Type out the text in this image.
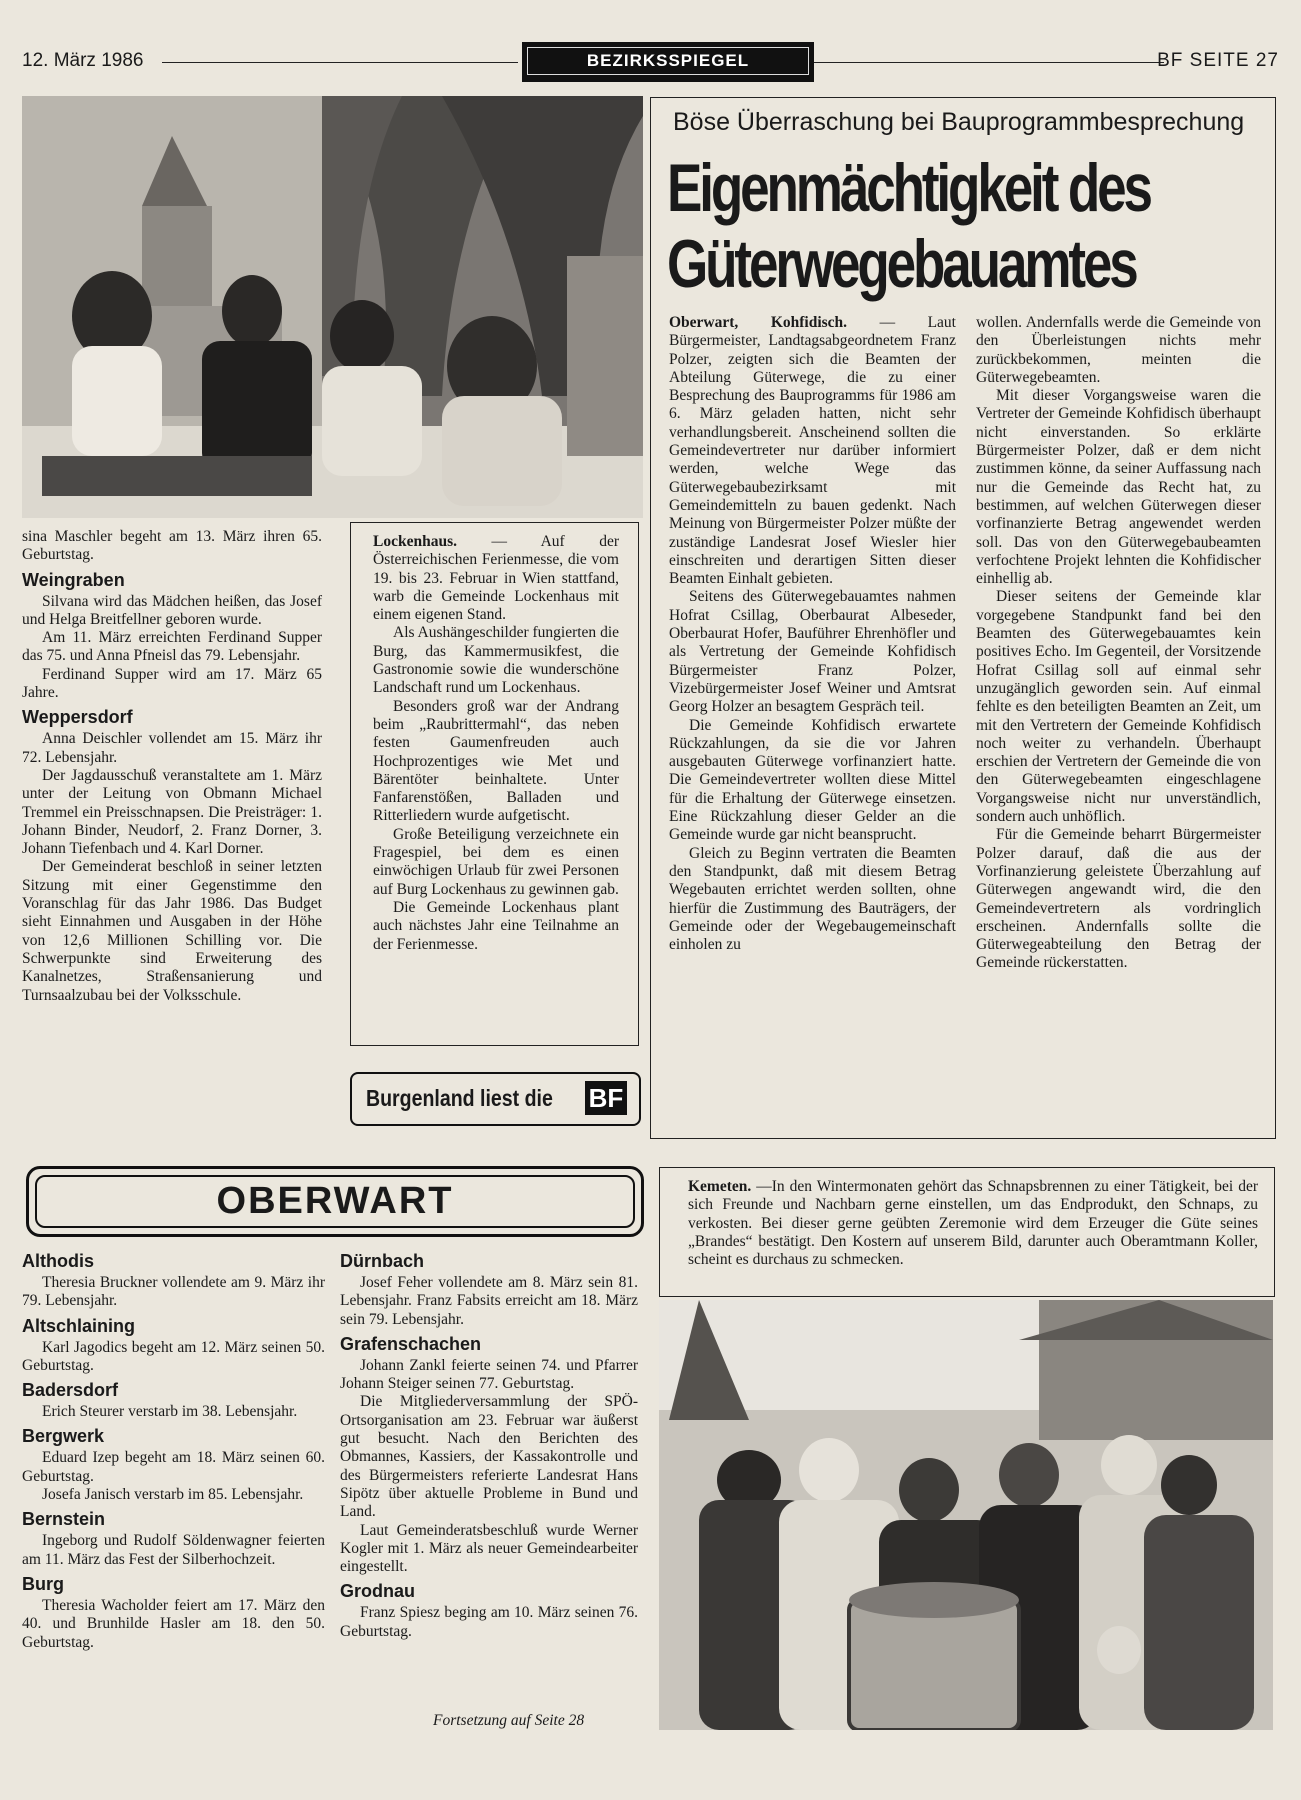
12. März 1986	BEZIRKSSPIEGEL	BF SEITE 27

sina Maschler begeht am 13. März ihren 65. Geburtstag.

Weingraben

Silvana wird das Mädchen heißen, das Josef und Helga Breitfellner geboren wurde.

Am 11. März erreichten Ferdinand Supper das 75. und Anna Pfneisl das 79. Lebensjahr.

Ferdinand Supper wird am 17. März 65 Jahre.

Weppersdorf

Anna Deischler vollendet am 15. März ihr 72. Lebensjahr.

Der Jagdausschuß veranstaltete am 1. März unter der Leitung von Obmann Michael Tremmel ein Preisschnapsen. Die Preisträger: 1. Johann Binder, Neudorf, 2. Franz Dorner, 3. Johann Tiefenbach und 4. Karl Dorner.

Der Gemeinderat beschloß in seiner letzten Sitzung mit einer Gegenstimme den Voranschlag für das Jahr 1986. Das Budget sieht Einnahmen und Ausgaben in der Höhe von 12,6 Millionen Schilling vor. Die Schwerpunkte sind Erweiterung des Kanalnetzes, Straßensanierung und Turnsaalzubau bei der Volksschule.

Lockenhaus. — Auf der Österreichischen Ferienmesse, die vom 19. bis 23. Februar in Wien stattfand, warb die Gemeinde Lockenhaus mit einem eigenen Stand.

Als Aushängeschilder fungierten die Burg, das Kammermusikfest, die Gastronomie sowie die wunderschöne Landschaft rund um Lockenhaus.

Besonders groß war der Andrang beim „Raubrittermahl“, das neben festen Gaumenfreuden auch Hochprozentiges wie Met und Bärentöter beinhaltete. Unter Fanfarenstößen, Balladen und Ritterliedern wurde aufgetischt.

Große Beteiligung verzeichnete ein Fragespiel, bei dem es einen einwöchigen Urlaub für zwei Personen auf Burg Lockenhaus zu gewinnen gab.

Die Gemeinde Lockenhaus plant auch nächstes Jahr eine Teilnahme an der Ferienmesse.

Burgenland liest die BF
Böse Überraschung bei Bauprogrammbesprechung
Eigenmächtigkeit des
Güterwegebauamtes

Oberwart, Kohfidisch. — Laut Bürgermeister, Landtagsabgeordnetem Franz Polzer, zeigten sich die Beamten der Abteilung Güterwege, die zu einer Besprechung des Bauprogramms für 1986 am 6. März geladen hatten, nicht sehr verhandlungsbereit. Anscheinend sollten die Gemeindevertreter nur darüber informiert werden, welche Wege das Güterwegebaubezirksamt mit Gemeindemitteln zu bauen gedenkt. Nach Meinung von Bürgermeister Polzer müßte der zuständige Landesrat Josef Wiesler hier einschreiten und derartigen Sitten dieser Beamten Einhalt gebieten.

Seitens des Güterwegebauamtes nahmen Hofrat Csillag, Oberbaurat Albeseder, Oberbaurat Hofer, Bauführer Ehrenhöfler und als Vertretung der Gemeinde Kohfidisch Bürgermeister Franz Polzer, Vizebürgermeister Josef Weiner und Amtsrat Georg Holzer an besagtem Gespräch teil.

Die Gemeinde Kohfidisch erwartete Rückzahlungen, da sie die vor Jahren ausgebauten Güterwege vorfinanziert hatte. Die Gemeindevertreter wollten diese Mittel für die Erhaltung der Güterwege einsetzen. Eine Rückzahlung dieser Gelder an die Gemeinde wurde gar nicht beansprucht.

Gleich zu Beginn vertraten die Beamten den Standpunkt, daß mit diesem Betrag Wegebauten errichtet werden sollten, ohne hierfür die Zustimmung des Bauträgers, der Gemeinde oder der Wegebaugemeinschaft einholen zu

wollen. Andernfalls werde die Gemeinde von den Überleistungen nichts mehr zurückbekommen, meinten die Güterwegebeamten.

Mit dieser Vorgangsweise waren die Vertreter der Gemeinde Kohfidisch überhaupt nicht einverstanden. So erklärte Bürgermeister Polzer, daß er dem nicht zustimmen könne, da seiner Auffassung nach nur die Gemeinde das Recht hat, zu bestimmen, auf welchen Güterwegen dieser vorfinanzierte Betrag angewendet werden soll. Das von den Güterwegebaubeamten verfochtene Projekt lehnten die Kohfidischer einhellig ab.

Dieser seitens der Gemeinde klar vorgegebene Standpunkt fand bei den Beamten des Güterwegebauamtes kein positives Echo. Im Gegenteil, der Vorsitzende Hofrat Csillag soll auf einmal sehr unzugänglich geworden sein. Auf einmal fehlte es den beteiligten Beamten an Zeit, um mit den Vertretern der Gemeinde Kohfidisch noch weiter zu verhandeln. Überhaupt erschien der Vertretern der Gemeinde die von den Güterwegebeamten eingeschlagene Vorgangsweise nicht nur unverständlich, sondern auch unhöflich.

Für die Gemeinde beharrt Bürgermeister Polzer darauf, daß die aus der Vorfinanzierung geleistete Überzahlung auf Güterwegen angewandt wird, die den Gemeindevertretern als vordringlich erscheinen. Andernfalls sollte die Güterwegeabteilung den Betrag der Gemeinde rückerstatten.

OBERWART
Althodis

Theresia Bruckner vollendete am 9. März ihr 79. Lebensjahr.

Altschlaining

Karl Jagodics begeht am 12. März seinen 50. Geburtstag.

Badersdorf

Erich Steurer verstarb im 38. Lebensjahr.

Bergwerk

Eduard Izep begeht am 18. März seinen 60. Geburtstag.

Josefa Janisch verstarb im 85. Lebensjahr.

Bernstein

Ingeborg und Rudolf Söldenwagner feierten am 11. März das Fest der Silberhochzeit.

Burg

Theresia Wacholder feiert am 17. März den 40. und Brunhilde Hasler am 18. den 50. Geburtstag.

Dürnbach

Josef Feher vollendete am 8. März sein 81. Lebensjahr. Franz Fabsits erreicht am 18. März sein 79. Lebensjahr.

Grafenschachen

Johann Zankl feierte seinen 74. und Pfarrer Johann Steiger seinen 77. Geburtstag.

Die Mitgliederversammlung der SPÖ-Ortsorganisation am 23. Februar war äußerst gut besucht. Nach den Berichten des Obmannes, Kassiers, der Kassakontrolle und des Bürgermeisters referierte Landesrat Hans Sipötz über aktuelle Probleme in Bund und Land.

Laut Gemeinderatsbeschluß wurde Werner Kogler mit 1. März als neuer Gemeindearbeiter eingestellt.

Grodnau

Franz Spiesz beging am 10. März seinen 76. Geburtstag.

Fortsetzung auf Seite 28

Kemeten. —In den Wintermonaten gehört das Schnapsbrennen zu einer Tätigkeit, bei der sich Freunde und Nachbarn gerne einstellen, um das Endprodukt, den Schnaps, zu verkosten. Bei dieser gerne geübten Zeremonie wird dem Erzeuger die Güte seines „Brandes“ bestätigt. Den Kostern auf unserem Bild, darunter auch Oberamtmann Koller, scheint es durchaus zu schmecken.
